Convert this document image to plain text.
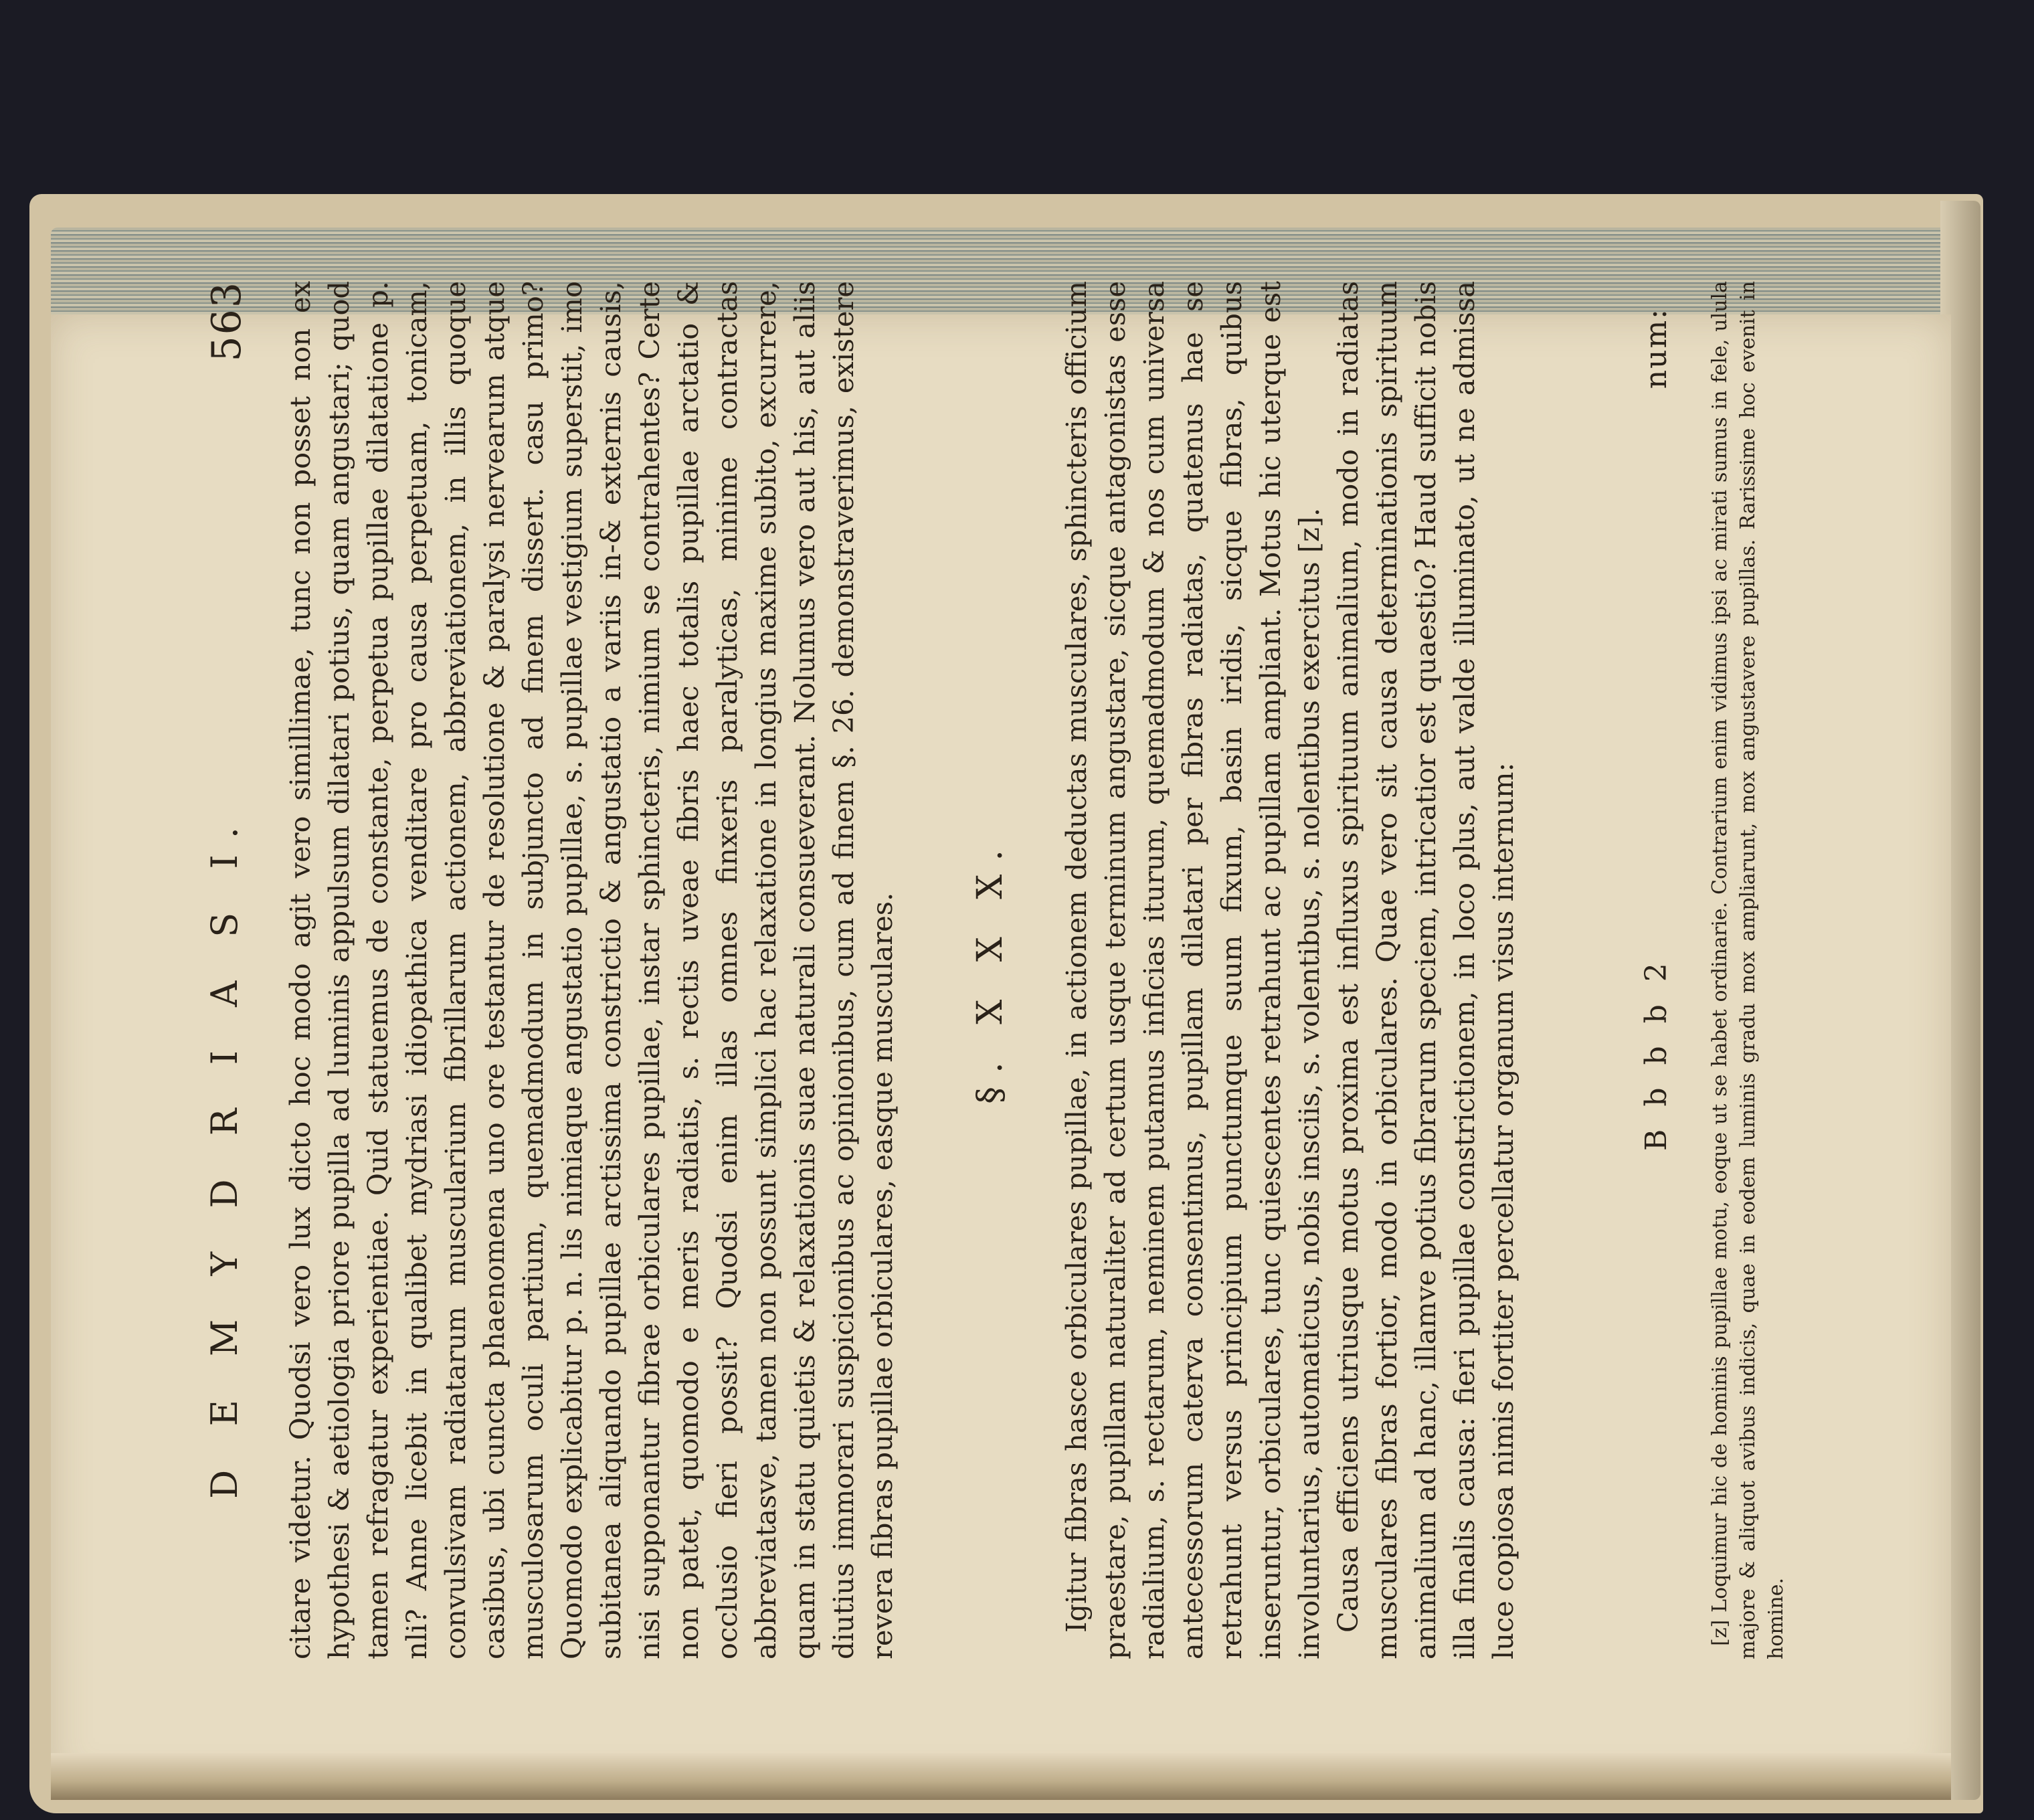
D E M Y D R I A S I.
563 citare videtur. Quodsi vero lux dicto hoc modo agit vero simillimae, tunc non posset non ex hypothesi & aetiologia priore pupilla ad luminis appulsum dilatari potius, quam angustari; quod tamen refragatur experientiae. Quid statuemus de constante, perpetua pupillae dilatatione p. nli? Anne licebit in qualibet mydriasi idiopathica venditare pro causa perpetuam, tonicam, convulsivam radiatarum muscularium fibrillarum actionem, abbreviationem, in illis quoque casibus, ubi cuncta phaenomena uno ore testantur de resolutione & paralysi nervearum atque musculosarum oculi partium, quemadmodum in subjuncto ad finem dissert. casu primo? Quomodo explicabitur p. n. lis nimiaque angustatio pupillae, s. pupillae vestigium superstit, imo subitanea aliquando pupillae arctissima constrictio & angustatio a variis in-& externis causis, nisi supponantur fibrae orbiculares pupillae, instar sphincteris, nimium se contrahentes? Certe non patet, quomodo e meris radiatis, s. rectis uveae fibris haec totalis pupillae arctatio & occlusio fieri possit? Quodsi enim illas omnes finxeris paralyticas, minime contractas abbreviatasve, tamen non possunt simplici hac relaxatione in longius maxime subito, excurrere, quam in statu quietis & relaxationis suae naturali consueverant. Nolumus vero aut his, aut aliis diutius immorari suspicionibus ac opinionibus, cum ad finem §. 26. demonstraverimus, existere revera fibras pupillae orbiculares, easque musculares. §. X X X. Igitur fibras hasce orbiculares pupillae, in actionem deductas musculares, sphincteris officium praestare, pupillam naturaliter ad certum usque terminum angustare, sicque antagonistas esse radialium, s. rectarum, neminem putamus inficias iturum, quemadmodum & nos cum universa antecessorum caterva consentimus, pupillam dilatari per fibras radiatas, quatenus hae se retrahunt versus principium punctumque suum fixum, basin iridis, sicque fibras, quibus inseruntur, orbiculares, tunc quiescentes retrahunt ac pupillam ampliant. Motus hic uterque est involuntarius, automaticus, nobis insciis, s. volentibus, s. nolentibus exercitus [z]. Causa efficiens utriusque motus proxima est influxus spirituum animalium, modo in radiatas musculares fibras fortior, modo in orbiculares. Quae vero sit causa determinationis spirituum animalium ad hanc, illamve potius fibrarum speciem, intricatior est quaestio? Haud sufficit nobis illa finalis causa: fieri pupillae constrictionem, in loco plus, aut valde illuminato, ut ne admissa luce copiosa nimis fortiter percellatur organum visus internum:	B b b b 2
num: [z] Loquimur hic de hominis pupillae motu, eoque ut se habet ordinarie. Contrarium enim vidimus ipsi ac mirati sumus in fele, ulula majore & aliquot avibus indicis, quae in eodem luminis gradu mox ampliarunt, mox angustavere pupillas. Rarissime hoc evenit in homine.
